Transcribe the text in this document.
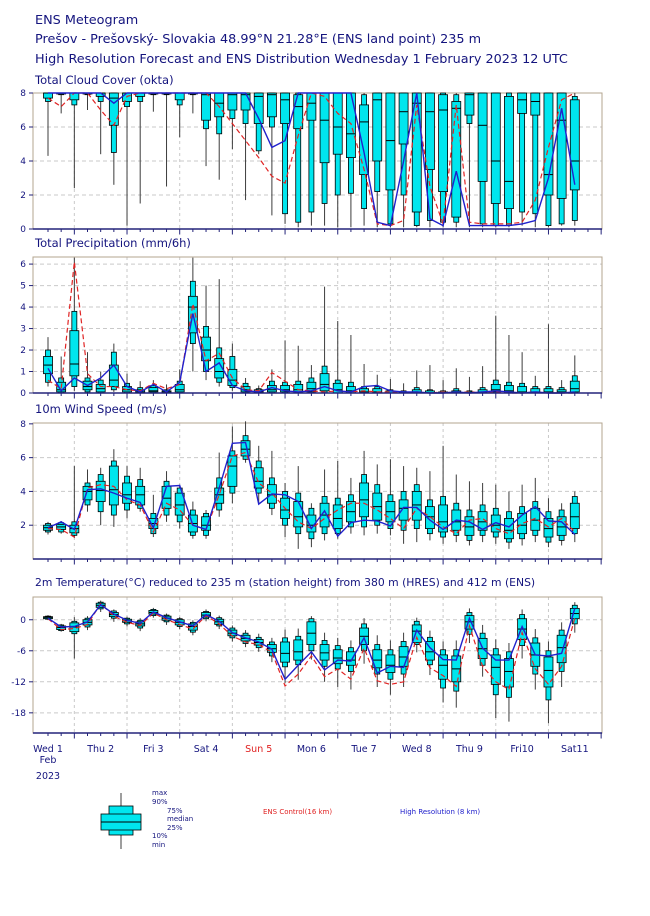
ENS Meteogram
Prešov - Prešovský- Slovakia 48.99°N 21.28°E (ENS land point) 235 m
High Resolution Forecast and ENS Distribution Wednesday 1 February 2023 12 UTC
Total Cloud Cover (okta)
Total Precipitation (mm/6h)
10m Wind Speed (m/s)
2m Temperature(°C) reduced to 235 m (station height) from 380 m (HRES) and 412 m (ENS)
0
2
4
6
8
0
1
2
3
4
5
6
2
4
6
8
0
-6
-12
-18
Wed 1	Thu 2	Fri 3	Sat 4	Sun 5	Mon 6	Tue 7	Wed 8	Thu 9	Fri10	Sat11
Feb
2023
max
90%
75%
median
25%
10%
min
ENS Control(16 km)	High Resolution (8 km)
